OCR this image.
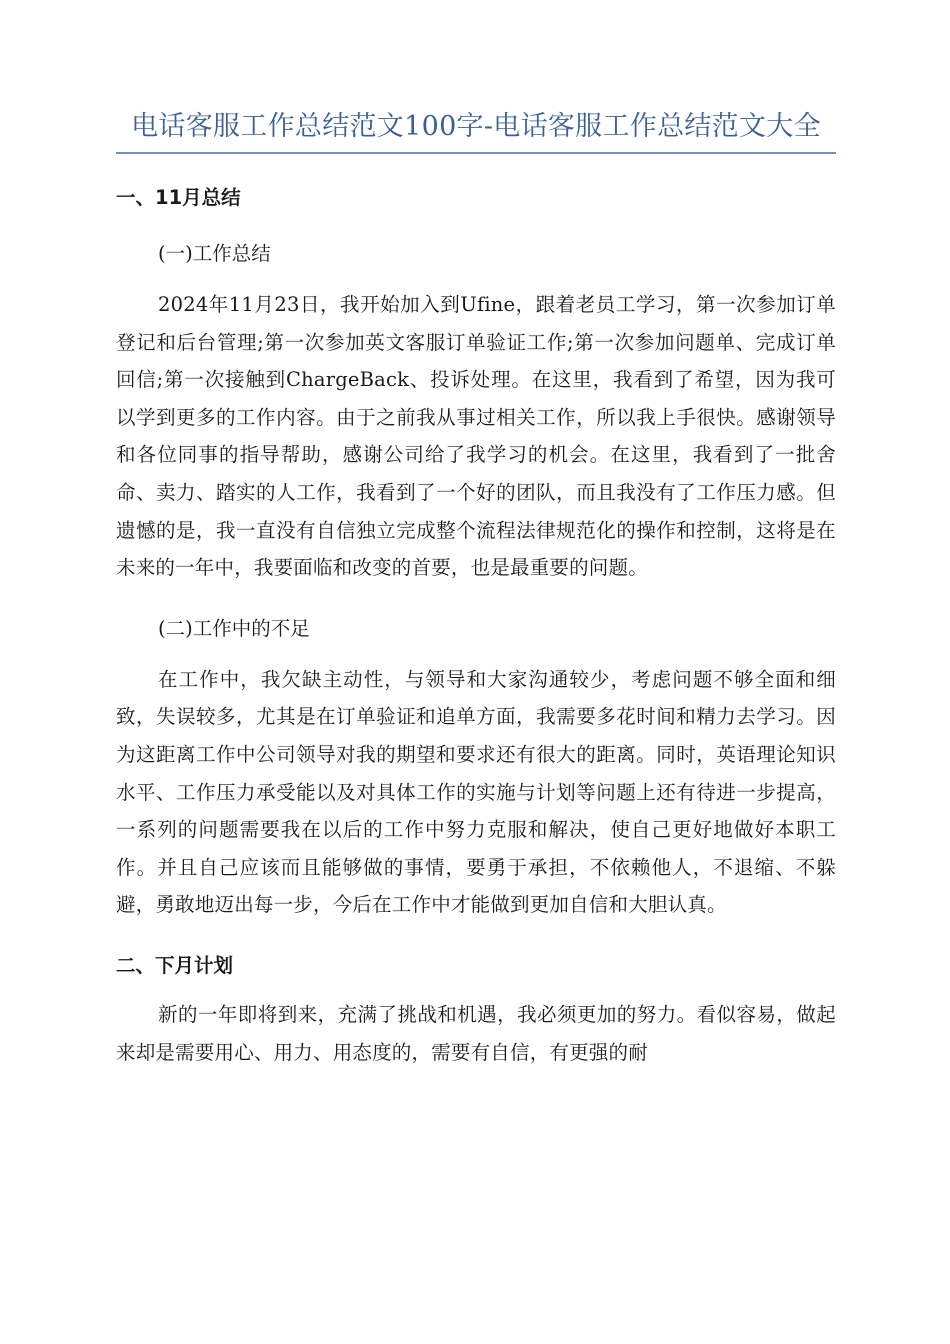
电话客服工作总结范文100字-电话客服工作总结范文大全
一、11月总结
(一)工作总结

2024年11月23日，我开始加入到Ufine，跟着老员工学习，第一次参加订单登记和后台管理;第一次参加英文客服订单验证工作;第一次参加问题单、完成订单回信;第一次接触到ChargeBack、投诉处理。在这里，我看到了希望，因为我可以学到更多的工作内容。由于之前我从事过相关工作，所以我上手很快。感谢领导和各位同事的指导帮助，感谢公司给了我学习的机会。在这里，我看到了一批舍命、卖力、踏实的人工作，我看到了一个好的团队，而且我没有了工作压力感。但遗憾的是，我一直没有自信独立完成整个流程法律规范化的操作和控制，这将是在未来的一年中，我要面临和改变的首要，也是最重要的问题。

(二)工作中的不足

在工作中，我欠缺主动性，与领导和大家沟通较少，考虑问题不够全面和细致，失误较多，尤其是在订单验证和追单方面，我需要多花时间和精力去学习。因为这距离工作中公司领导对我的期望和要求还有很大的距离。同时，英语理论知识水平、工作压力承受能以及对具体工作的实施与计划等问题上还有待进一步提高，一系列的问题需要我在以后的工作中努力克服和解决，使自己更好地做好本职工作。并且自己应该而且能够做的事情，要勇于承担，不依赖他人，不退缩、不躲避，勇敢地迈出每一步，今后在工作中才能做到更加自信和大胆认真。

二、下月计划

新的一年即将到来，充满了挑战和机遇，我必须更加的努力。看似容易，做起来却是需要用心、用力、用态度的，需要有自信，有更强的耐
